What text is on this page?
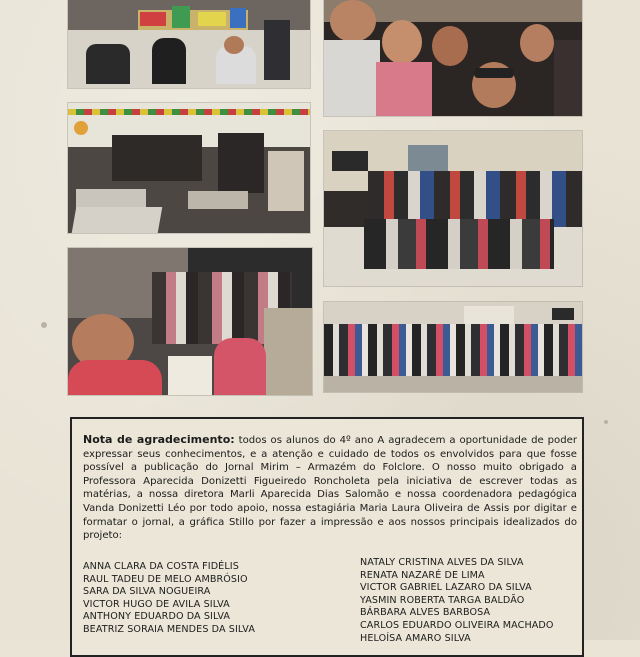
Nota de agradecimento: todos os alunos do 4º ano A agradecem a oportunidade de poder expressar seus conhecimentos, e a atenção e cuidado de todos os envolvidos para que fosse possível a publicação do Jornal Mirim – Armazém do Folclore. O nosso muito obrigado a Professora Aparecida Donizetti Figueiredo Roncholeta pela iniciativa de escrever todas as matérias, a nossa diretora Marli Aparecida Dias Salomão e nossa coordenadora pedagógica Vanda Donizetti Léo por todo apoio, nossa estagiária Maria Laura Oliveira de Assis por digitar e formatar o jornal, a gráfica Stillo por fazer a impressão e aos nossos principais idealizados do projeto:

ANNA CLARA DA COSTA FIDÉLIS
RAUL TADEU DE MELO AMBRÓSIO
SARA DA SILVA NOGUEIRA
VICTOR HUGO DE AVILA SILVA
ANTHONY EDUARDO DA SILVA
BEATRIZ SORAIA MENDES DA SILVA
NATALY CRISTINA ALVES DA SILVA
RENATA NAZARÉ DE LIMA
VICTOR GABRIEL LAZARO DA SILVA
YASMIN ROBERTA TARGA BALDÃO
BÁRBARA ALVES BARBOSA
CARLOS EDUARDO OLIVEIRA MACHADO
HELOÍSA AMARO SILVA
